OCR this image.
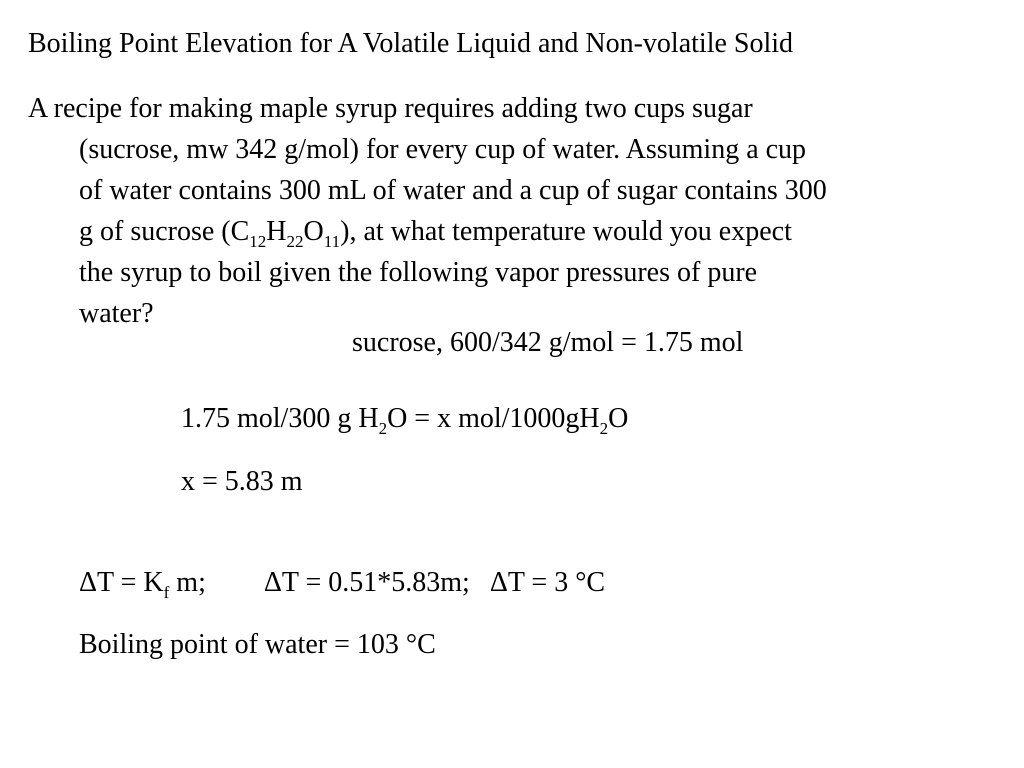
Boiling Point Elevation for A Volatile Liquid and Non-volatile Solid
A recipe for making maple syrup requires adding two cups sugar
(sucrose, mw 342 g/mol) for every cup of water. Assuming a cup
of water contains 300 mL of water and a cup of sugar contains 300
g of sucrose $(C_{12}H_{22}O_{11})$, at what temperature would you expect
the syrup to boil given the following vapor pressures of pure
water?
sucrose, 600/342 g/mol = 1.75 mol
1.75 mol/300 g $H_2O = x$ mol/$1000gH_2O$
x = 5.83 m
$\Delta T = K_f$ m; ΔT = 0.51*5.83m; ΔT = 3 °C
Boiling point of water = 103 °C
